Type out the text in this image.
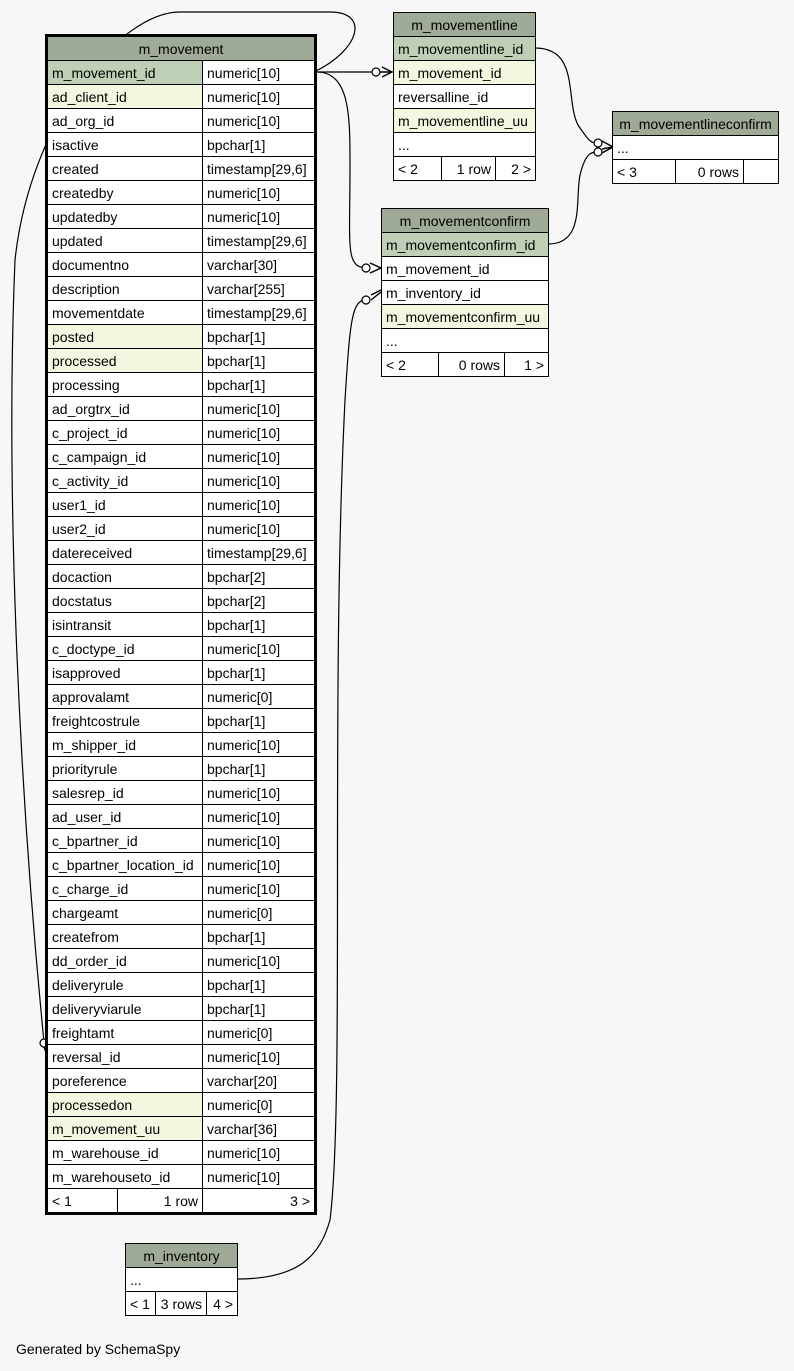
m_movement		
m_movement_id		numeric[10]
ad_client_id		numeric[10]
ad_org_id		numeric[10]
isactive		bpchar[1]
created		timestamp[29,6]
createdby		numeric[10]
updatedby		numeric[10]
updated		timestamp[29,6]
documentno		varchar[30]
description		varchar[255]
movementdate		timestamp[29,6]
posted		bpchar[1]
processed		bpchar[1]
processing		bpchar[1]
ad_orgtrx_id		numeric[10]
c_project_id		numeric[10]
c_campaign_id		numeric[10]
c_activity_id		numeric[10]
user1_id		numeric[10]
user2_id		numeric[10]
datereceived		timestamp[29,6]
docaction		bpchar[2]
docstatus		bpchar[2]
isintransit		bpchar[1]
c_doctype_id		numeric[10]
isapproved		bpchar[1]
approvalamt		numeric[0]
freightcostrule		bpchar[1]
m_shipper_id		numeric[10]
priorityrule		bpchar[1]
salesrep_id		numeric[10]
ad_user_id		numeric[10]
c_bpartner_id		numeric[10]
c_bpartner_location_id		numeric[10]
c_charge_id		numeric[10]
chargeamt		numeric[0]
createfrom		bpchar[1]
dd_order_id		numeric[10]
deliveryrule		bpchar[1]
deliveryviarule		bpchar[1]
freightamt		numeric[0]
reversal_id		numeric[10]
poreference		varchar[20]
processedon		numeric[0]
m_movement_uu		varchar[36]
m_warehouse_id		numeric[10]
m_warehouseto_id		numeric[10]
< 1	1 row	3 >
m_movementline
m_movementline_id
m_movement_id
reversalline_id
m_movementline_uu
...
< 2	1 row	2 >
m_movementconfirm
m_movementconfirm_id
m_movement_id
m_inventory_id
m_movementconfirm_uu
...
< 2	0 rows	1 >
m_movementlineconfirm
...
< 3	0 rows	
m_inventory
...
< 1	3 rows	4 >
Generated by SchemaSpy
